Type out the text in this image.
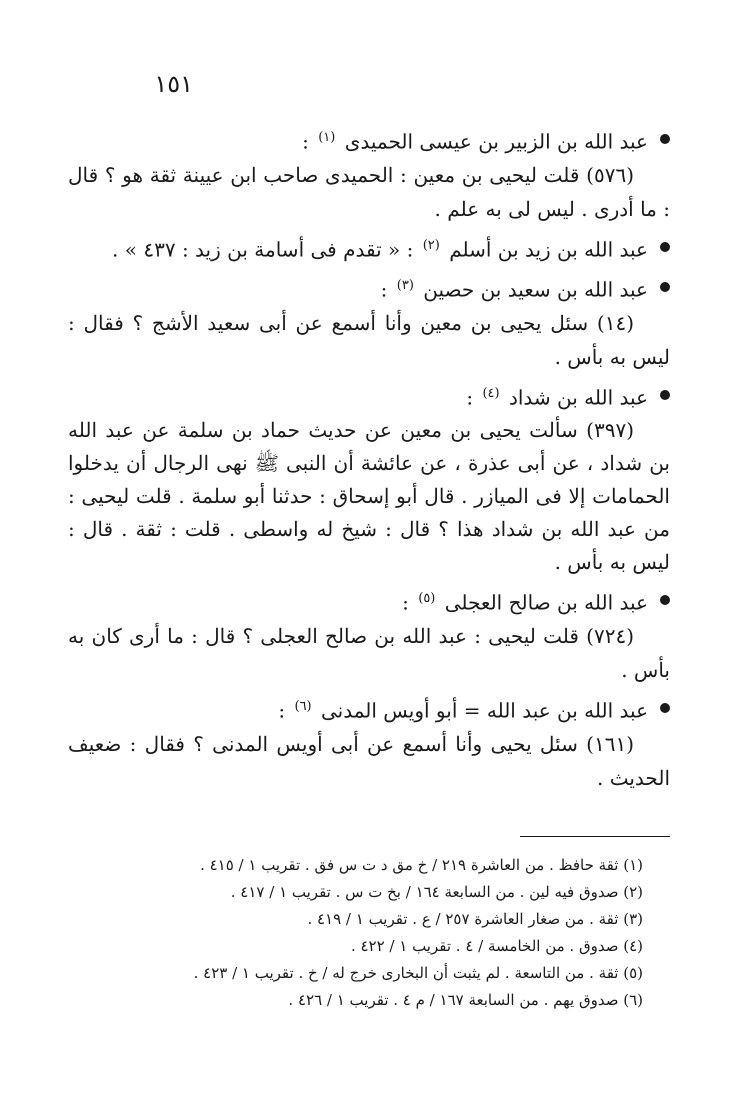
١٥١
عبد الله بن الزبير بن عيسى الحميدى $^{(١)}$ :

(٥٧٦) قلت ليحيى بن معين : الحميدى صاحب ابن عيينة ثقة هو ؟ قال : ما أدرى . ليس لى به علم .

عبد الله بن زيد بن أسلم $^{(٢)}$ : « تقدم فى أسامة بن زيد : ٤٣٧ » .
عبد الله بن سعيد بن حصين $^{(٣)}$ :

(١٤) سئل يحيى بن معين وأنا أسمع عن أبى سعيد الأشج ؟ فقال : ليس به بأس .

عبد الله بن شداد $^{(٤)}$ :

(٣٩٧) سألت يحيى بن معين عن حديث حماد بن سلمة عن عبد الله بن شداد ، عن أبى عذرة ، عن عائشة أن النبى ﷺ نهى الرجال أن يدخلوا الحمامات إلا فى الميازر . قال أبو إسحاق : حدثنا أبو سلمة . قلت ليحيى : من عبد الله بن شداد هذا ؟ قال : شيخ له واسطى . قلت : ثقة . قال : ليس به بأس .

عبد الله بن صالح العجلى $^{(٥)}$ :

(٧٢٤) قلت ليحيى : عبد الله بن صالح العجلى ؟ قال : ما أرى كان به بأس .

عبد الله بن عبد الله = أبو أويس المدنى $^{(٦)}$ :

(١٦١) سئل يحيى وأنا أسمع عن أبى أويس المدنى ؟ فقال : ضعيف الحديث .

(١) ثقة حافظ . من العاشرة ٢١٩ / خ مق د ت س فق . تقريب ١ / ٤١٥ .
(٢) صدوق فيه لين . من السابعة ١٦٤ / بخ ت س . تقريب ١ / ٤١٧ .
(٣) ثقة . من صغار العاشرة ٢٥٧ / ع . تقريب ١ / ٤١٩ .
(٤) صدوق . من الخامسة / ٤ . تقريب ١ / ٤٢٢ .
(٥) ثقة . من التاسعة . لم يثبت أن البخارى خرج له / خ . تقريب ١ / ٤٢٣ .
(٦) صدوق يهم . من السابعة ١٦٧ / م ٤ . تقريب ١ / ٤٢٦ .
